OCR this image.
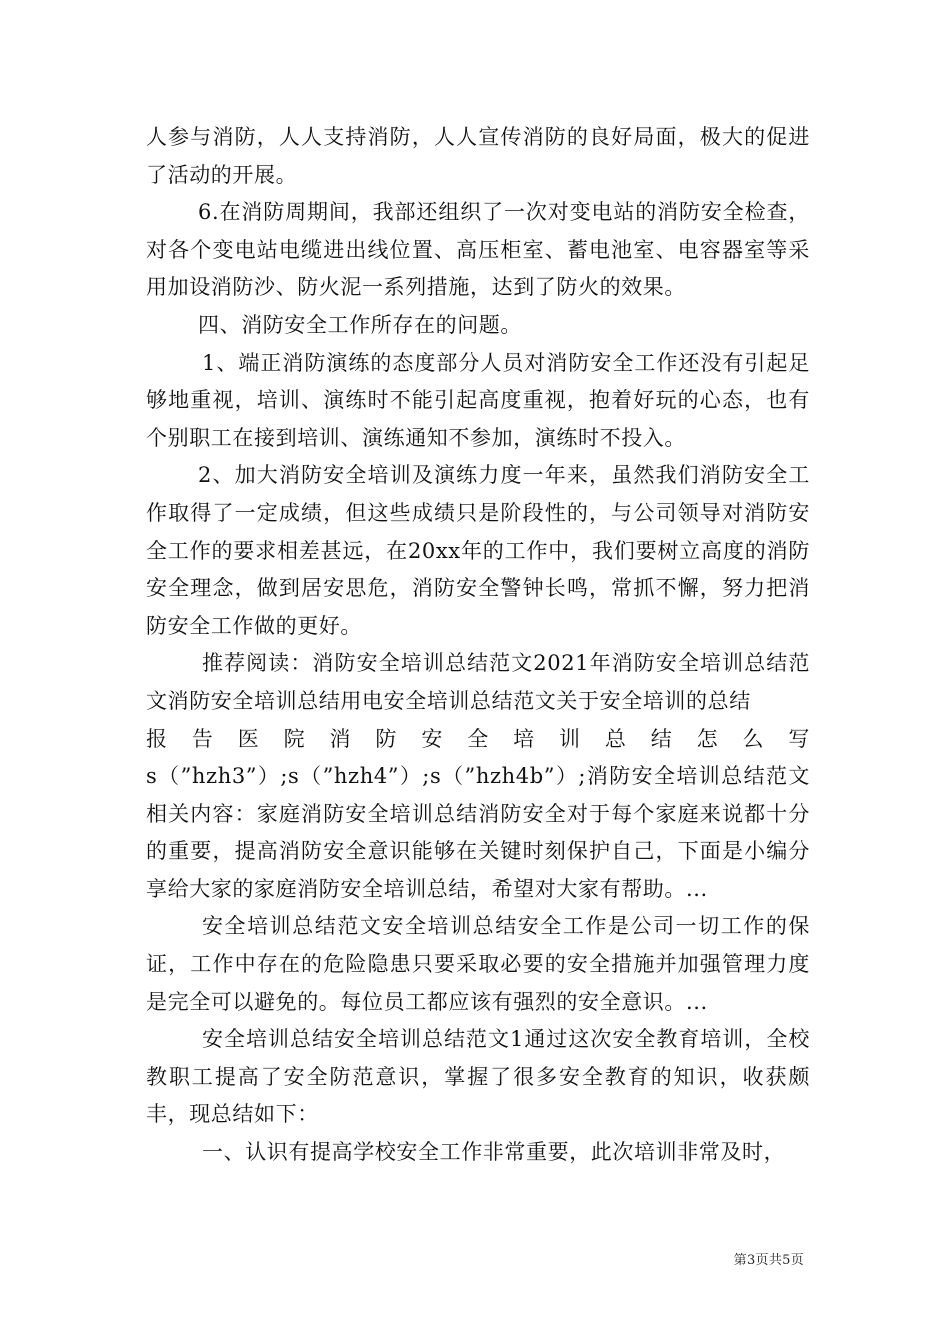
人参与消防，人人支持消防，人人宣传消防的良好局面，极大的促进了活动的开展。

6.在消防周期间，我部还组织了一次对变电站的消防安全检查，对各个变电站电缆进出线位置、高压柜室、蓄电池室、电容器室等采用加设消防沙、防火泥一系列措施，达到了防火的效果。

四、消防安全工作所存在的问题。

1、端正消防演练的态度部分人员对消防安全工作还没有引起足够地重视，培训、演练时不能引起高度重视，抱着好玩的心态，也有个别职工在接到培训、演练通知不参加，演练时不投入。

2、加大消防安全培训及演练力度一年来，虽然我们消防安全工作取得了一定成绩，但这些成绩只是阶段性的，与公司领导对消防安全工作的要求相差甚远，在20xx年的工作中，我们要树立高度的消防安全理念，做到居安思危，消防安全警钟长鸣，常抓不懈，努力把消防安全工作做的更好。

推荐阅读：消防安全培训总结范文2021年消防安全培训总结范文消防安全培训总结用电安全培训总结范文关于安全培训的总结

报告医院消防安全培训总结怎么写

s（”hzh3”）;s（”hzh4”）;s（”hzh4b”）;消防安全培训总结范文相关内容：家庭消防安全培训总结消防安全对于每个家庭来说都十分的重要，提高消防安全意识能够在关键时刻保护自己，下面是小编分享给大家的家庭消防安全培训总结，希望对大家有帮助。...

安全培训总结范文安全培训总结安全工作是公司一切工作的保证，工作中存在的危险隐患只要采取必要的安全措施并加强管理力度是完全可以避免的。每位员工都应该有强烈的安全意识。...

安全培训总结安全培训总结范文1通过这次安全教育培训，全校教职工提高了安全防范意识，掌握了很多安全教育的知识，收获颇丰，现总结如下：

一、认识有提高学校安全工作非常重要，此次培训非常及时，

第3页共5页
